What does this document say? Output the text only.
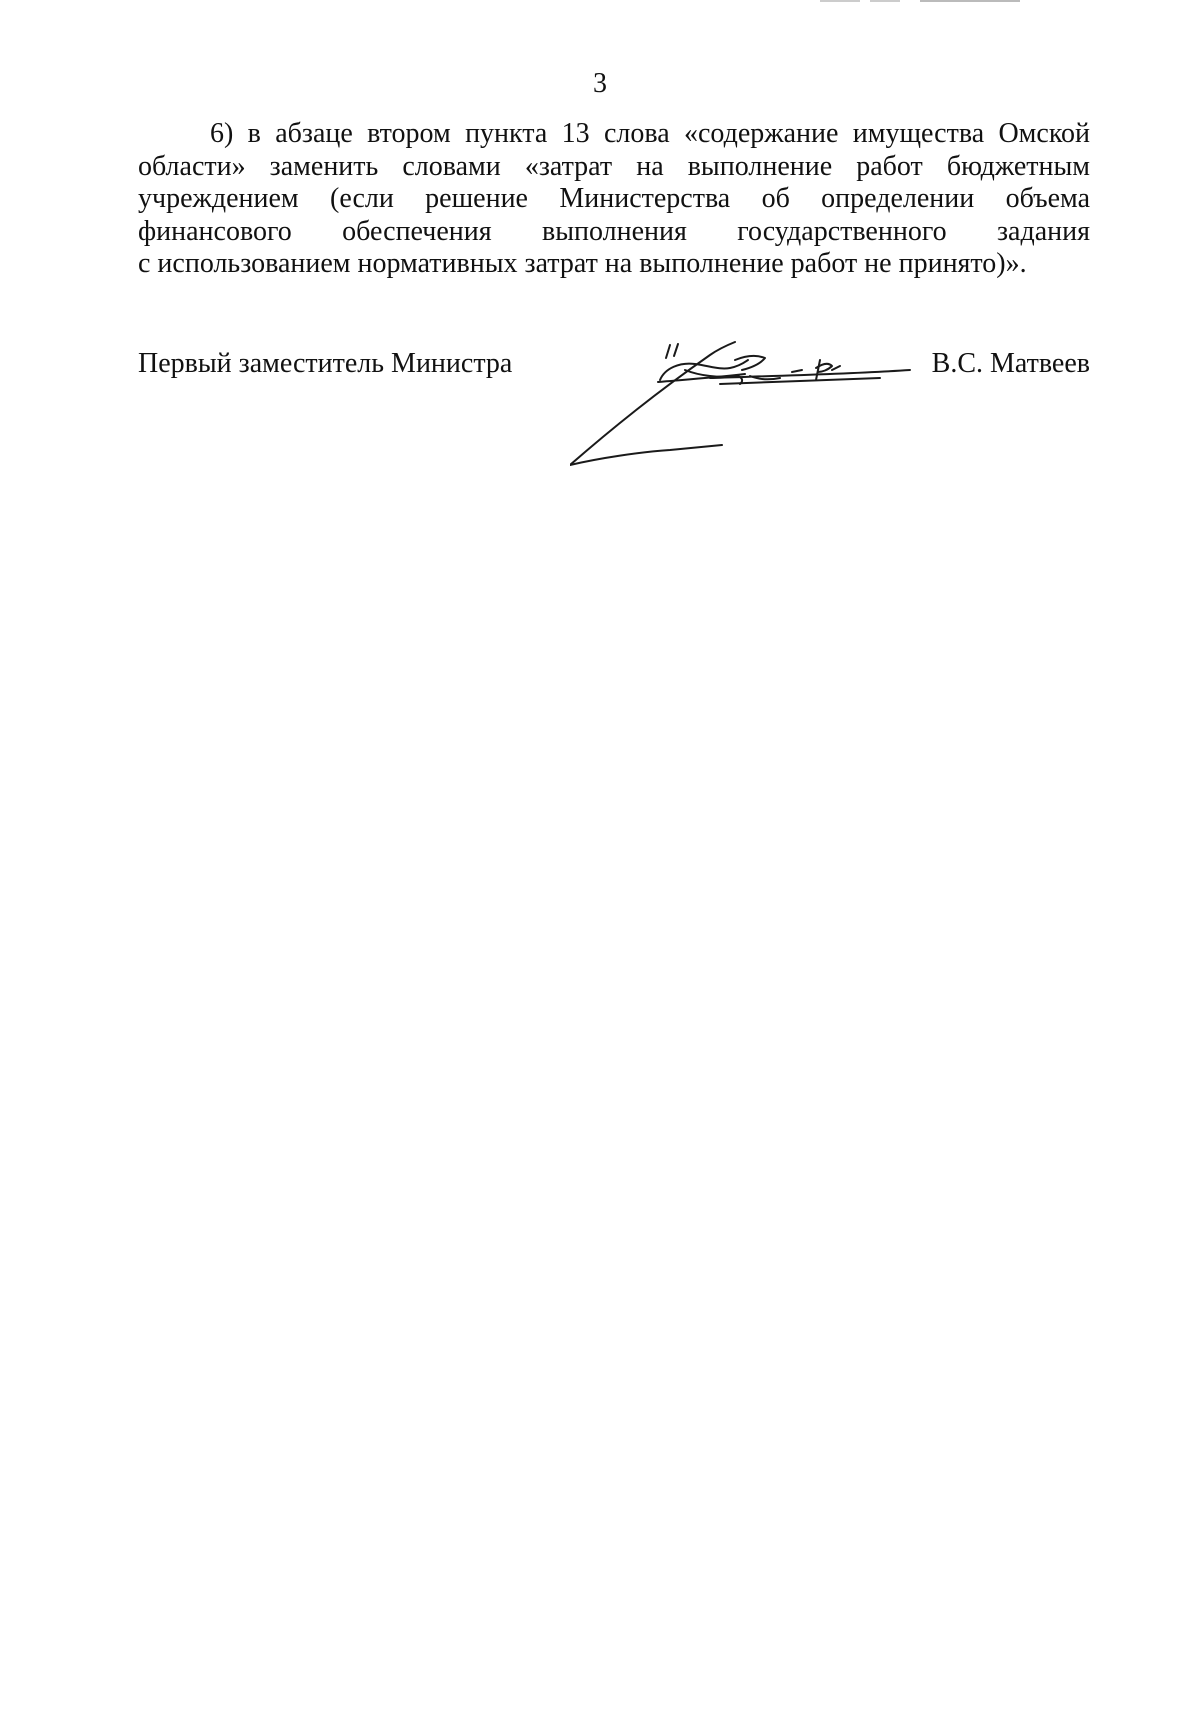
3
6) в абзаце втором пункта 13 слова «содержание имущества Омской
области» заменить словами «затрат на выполнение работ бюджетным
учреждением (если решение Министерства об определении объема
финансового обеспечения выполнения государственного задания
с использованием нормативных затрат на выполнение работ не принято)».
Первый заместитель Министра	В.С. Матвеев
